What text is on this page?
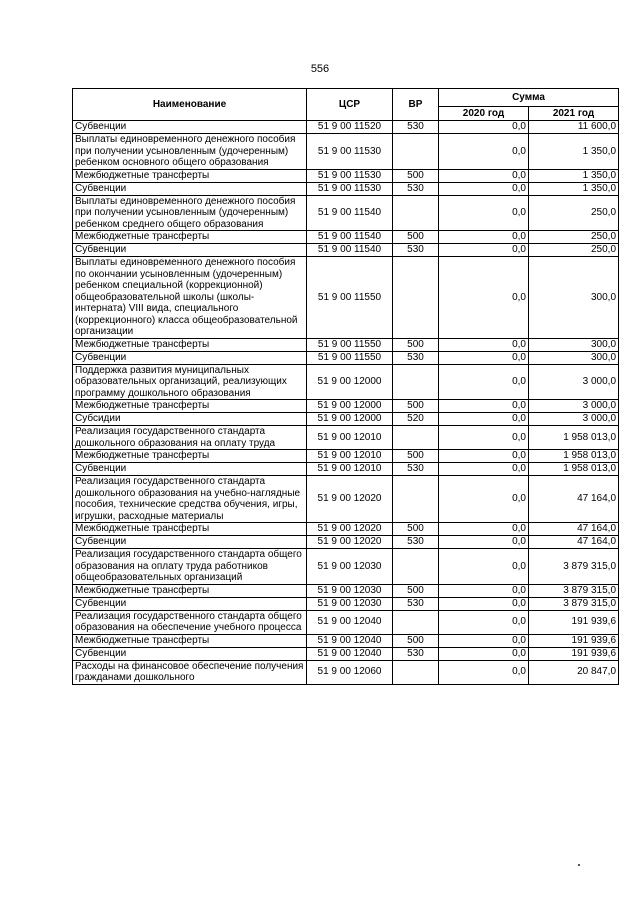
556
Наименование	ЦСР	ВР	Сумма	
			2020 год	2021 год
Субвенции	51 9 00 11520	530	0,0	11 600,0
Выплаты единовременного денежного пособия при получении усыновленным (удочеренным) ребенком основного общего образования	51 9 00 11530		0,0	1 350,0
Межбюджетные трансферты	51 9 00 11530	500	0,0	1 350,0
Субвенции	51 9 00 11530	530	0,0	1 350,0
Выплаты единовременного денежного пособия при получении усыновленным (удочеренным) ребенком среднего общего образования	51 9 00 11540		0,0	250,0
Межбюджетные трансферты	51 9 00 11540	500	0,0	250,0
Субвенции	51 9 00 11540	530	0,0	250,0
Выплаты единовременного денежного пособия по окончании усыновленным (удочеренным) ребенком специальной (коррекционной) общеобразовательной школы (школы-интерната) VIII вида, специального (коррекционного) класса общеобразовательной организации	51 9 00 11550		0,0	300,0
Межбюджетные трансферты	51 9 00 11550	500	0,0	300,0
Субвенции	51 9 00 11550	530	0,0	300,0
Поддержка развития муниципальных образовательных организаций, реализующих программу дошкольного образования	51 9 00 12000		0,0	3 000,0
Межбюджетные трансферты	51 9 00 12000	500	0,0	3 000,0
Субсидии	51 9 00 12000	520	0,0	3 000,0
Реализация государственного стандарта дошкольного образования на оплату труда	51 9 00 12010		0,0	1 958 013,0
Межбюджетные трансферты	51 9 00 12010	500	0,0	1 958 013,0
Субвенции	51 9 00 12010	530	0,0	1 958 013,0
Реализация государственного стандарта дошкольного образования на учебно-наглядные пособия, технические средства обучения, игры, игрушки, расходные материалы	51 9 00 12020		0,0	47 164,0
Межбюджетные трансферты	51 9 00 12020	500	0,0	47 164,0
Субвенции	51 9 00 12020	530	0,0	47 164,0
Реализация государственного стандарта общего образования на оплату труда работников общеобразовательных организаций	51 9 00 12030		0,0	3 879 315,0
Межбюджетные трансферты	51 9 00 12030	500	0,0	3 879 315,0
Субвенции	51 9 00 12030	530	0,0	3 879 315,0
Реализация государственного стандарта общего образования на обеспечение учебного процесса	51 9 00 12040		0,0	191 939,6
Межбюджетные трансферты	51 9 00 12040	500	0,0	191 939,6
Субвенции	51 9 00 12040	530	0,0	191 939,6
Расходы на финансовое обеспечение получения гражданами дошкольного	51 9 00 12060		0,0	20 847,0
